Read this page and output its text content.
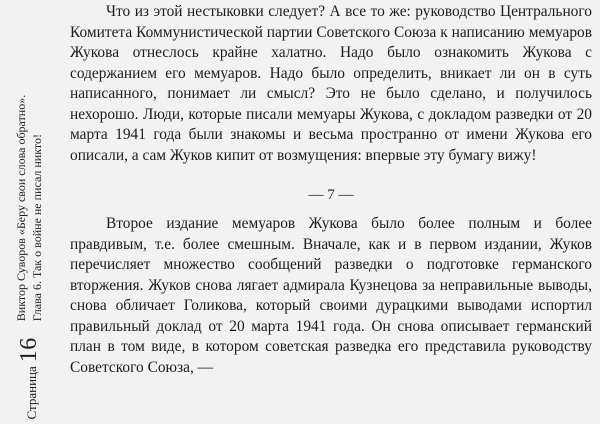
Страница
16
Виктор Суворов «Беру свои слова обратно». Глава 6. Так о войне не писал никто!

Что из этой нестыковки следует? А все то же: руководство Центрального Комитета Коммунистической партии Советского Союза к написанию мемуаров Жукова отнеслось крайне халатно. Надо было ознакомить Жукова с содержанием его мемуаров. Надо было определить, вникает ли он в суть написанного, понимает ли смысл? Это не было сделано, и получилось нехорошо. Люди, которые писали мемуары Жукова, с докладом разведки от 20 марта 1941 года были знакомы и весьма пространно от имени Жукова его описали, а сам Жуков кипит от возмущения: впервые эту бумагу вижу!

— 7 —

Второе издание мемуаров Жукова было более полным и более правдивым, т.е. более смешным. Вначале, как и в первом издании, Жуков перечисляет множество сообщений разведки о подготовке германского вторжения. Жуков снова лягает адмирала Кузнецова за неправильные выводы, снова обличает Голикова, который своими дурацкими выводами испортил правильный доклад от 20 марта 1941 года. Он снова описывает германский план в том виде, в котором советская разведка его представила руководству Советского Союза, —
